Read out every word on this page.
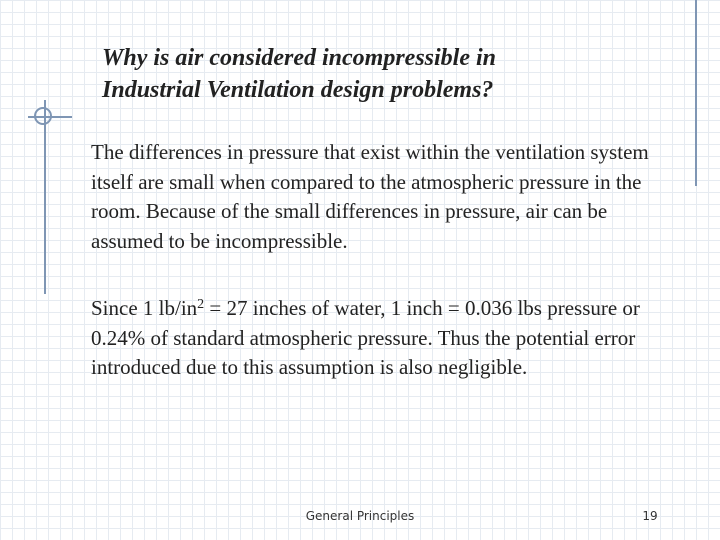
Why is air considered incompressible in
Industrial Ventilation design problems?

The differences in pressure that exist within the ventilation system itself are small when compared to the atmospheric pressure in the room. Because of the small differences in pressure, air can be assumed to be incompressible.

Since 1 $lb/in^2 = 27$ inches of water, 1 inch = 0.036 lbs pressure or 0.24% of standard atmospheric pressure. Thus the potential error introduced due to this assumption is also negligible.

General Principles	19
